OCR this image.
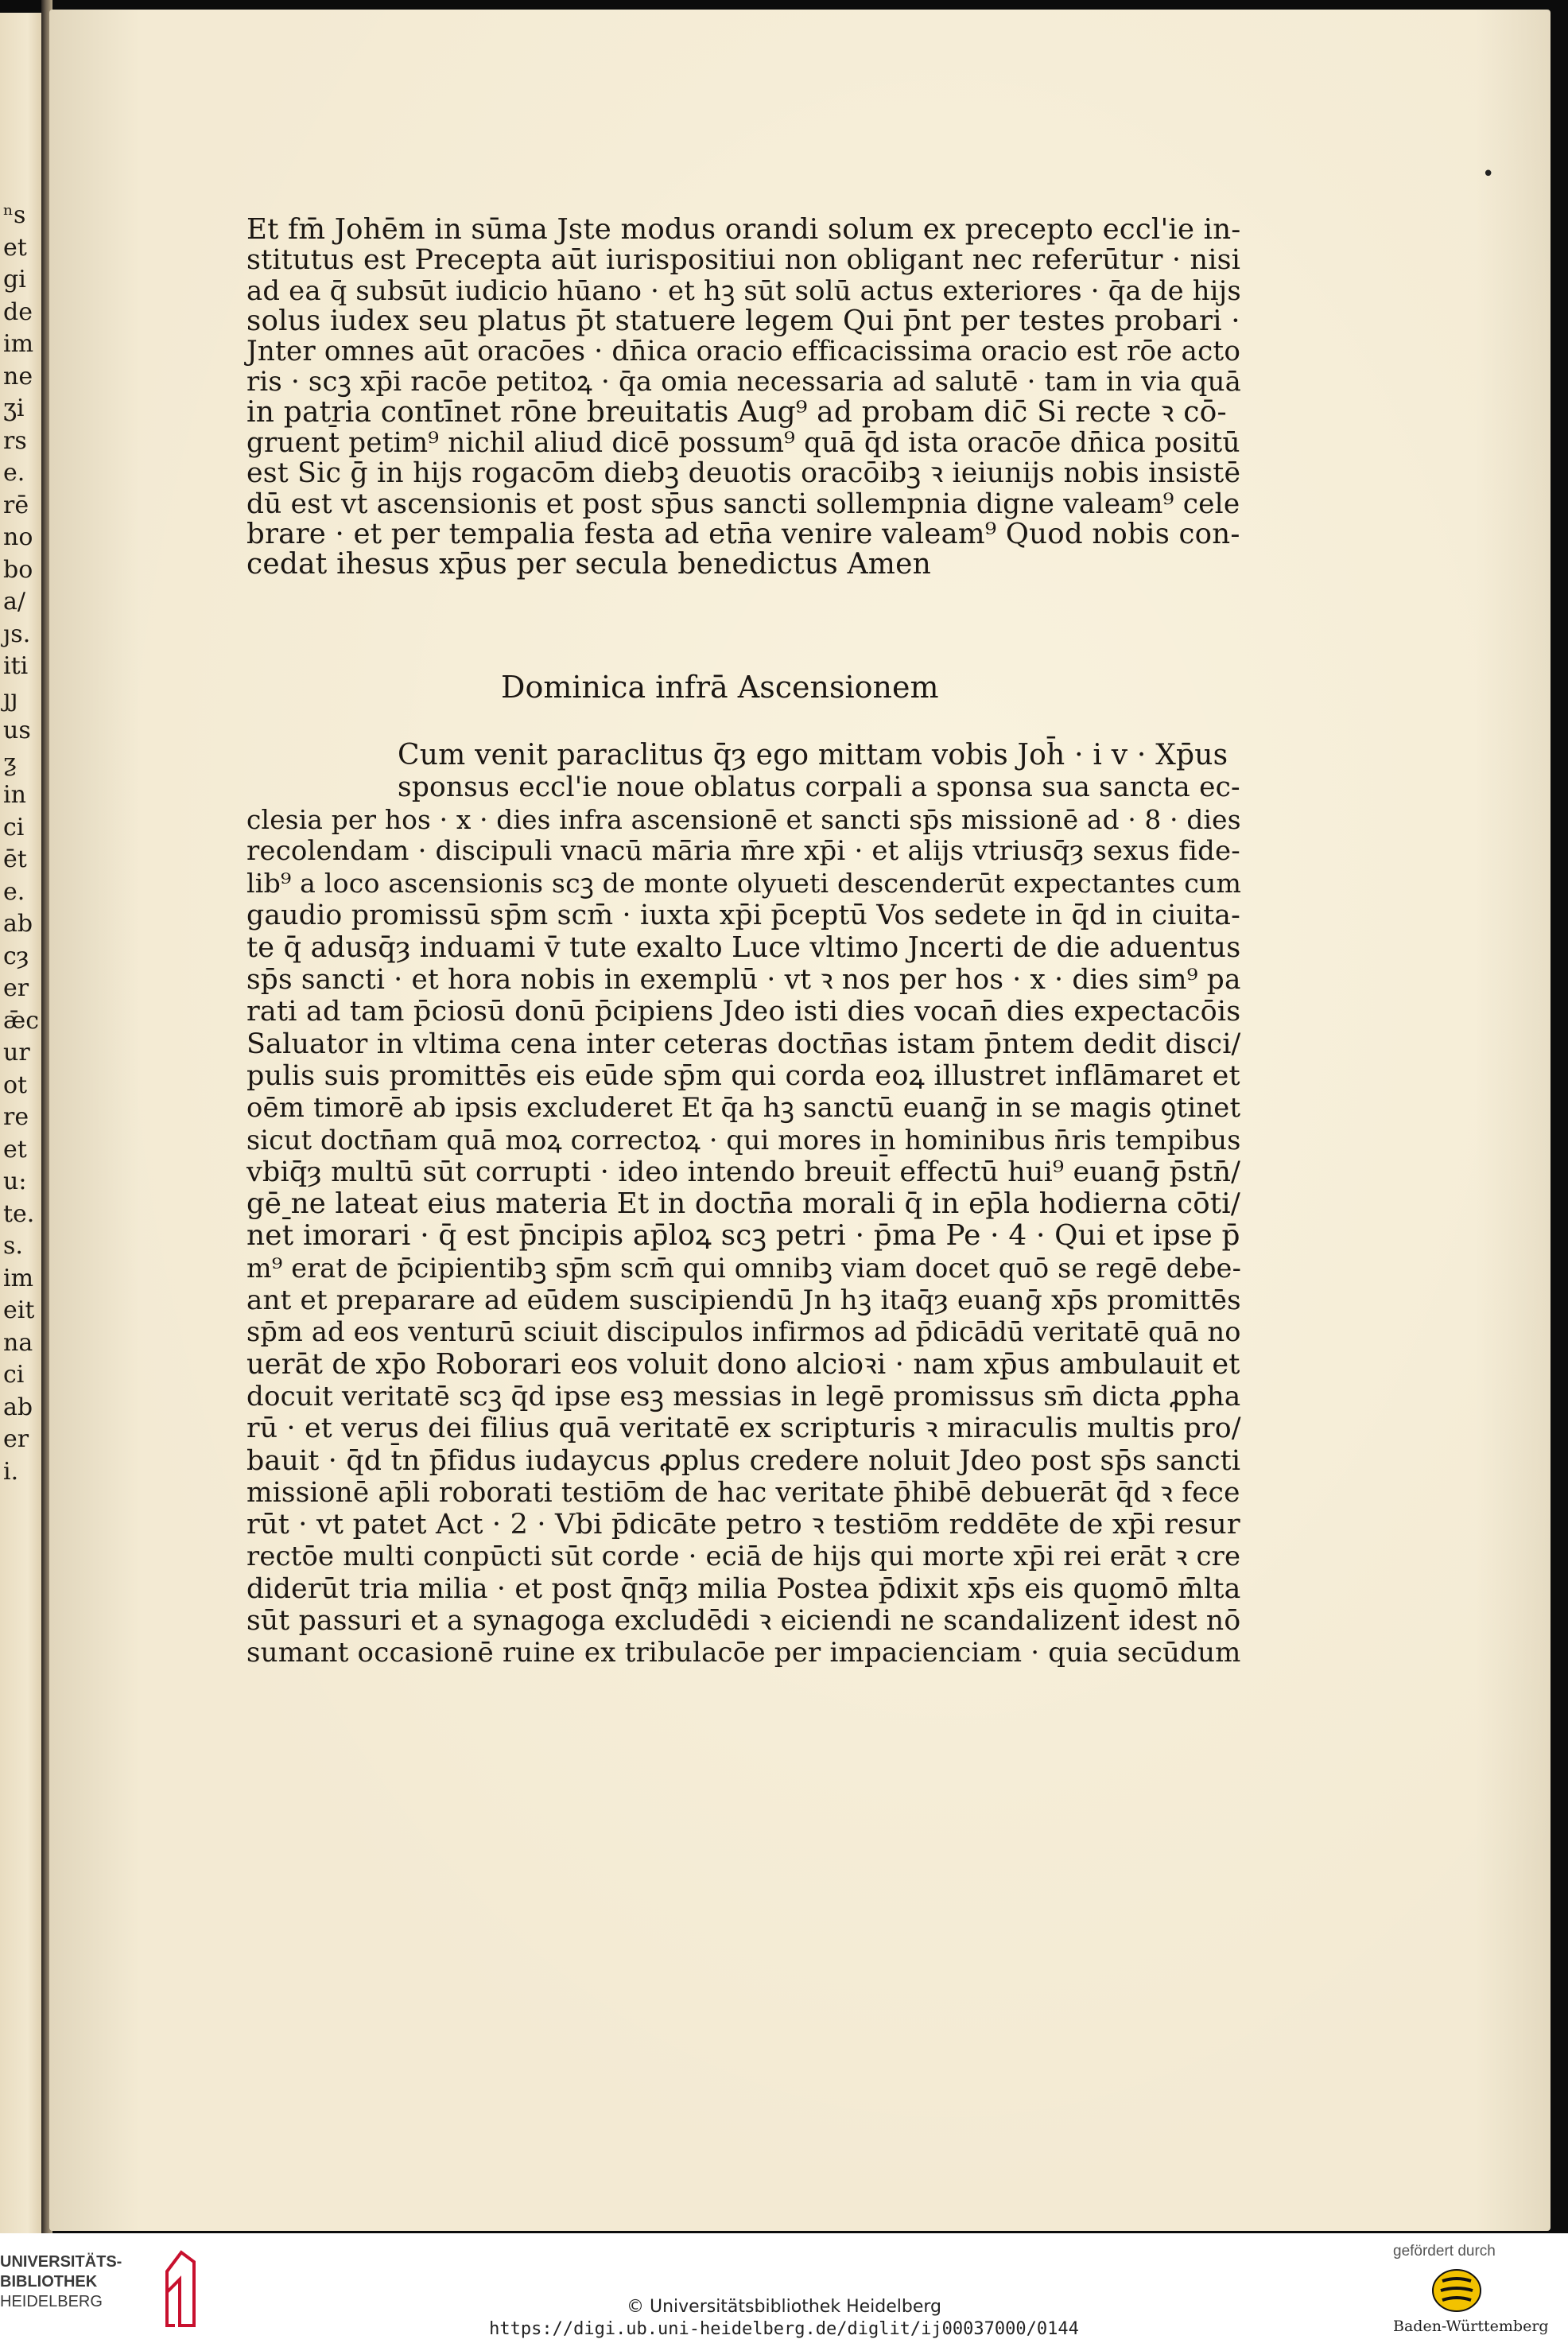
ⁿs
et
gi
de
im
ne
ʒi
rs
e.
rē
no
bo
a/
ȷs.
iti
ȷȷ
us
ƺ
in
ci
ēt
e.
ab
cȝ
er
ǣc
ur
ot
re
et
u:
te.
s.
im
eit
na
ci
ab
er
i.
•
Et fm̄ Johēm in sūma Jste modus orandi solum ex precepto eccl'ie in-
stitutus est Precepta aūt iurispositiui non obligant nec referūtur · nisi
ad ea q̄ subsūt iudicio hūano · et hꝫ sūt solū actus exteriores · q̄a de hijs
solus iudex seu platus p̄t statuere legem Qui p̄nt per testes probari ·
Jnter omnes aūt oracōes · dn̄ica oracio efficacissima oracio est rōe acto
ris · scꝫ xp̄i racōe petitoꝝ · q̄a omia necessaria ad salutē · tam in via quā
in patria contīnet rōne breuitatis Aug⁹ ad probam dic̄ Si recte ꝛ cō-
gruent̄ petim⁹ nichil aliud dicē possum⁹ quā q̄d ista oracōe dn̄ica positū
est Sic ḡ in hijs rogacōm diebꝫ deuotis oracōibꝫ ꝛ ieiunijs nobis insistē
dū est vt ascensionis et post sp̄us sancti sollempnia digne valeam⁹ cele
brare · et per tempalia festa ad etn̄a venire valeam⁹ Quod nobis con-
cedat ihesus xp̄us per secula benedictus Amen
Dominica infrā Ascensionem
Cum venit paraclitus q̄ȝ ego mittam vobis Joh̄ · i v · Xp̄us
sponsus eccl'ie noue oblatus corpali a sponsa sua sancta ec-
clesia per hos · x · dies infra ascensionē et sancti sp̄s missionē ad · 8 · dies
recolendam · discipuli vnacū mā̄ria m̄re xp̄i · et alijs vtriusq̄ȝ sexus fide-
lib⁹ a loco ascensionis scꝫ de monte olyueti descenderūt expectantes cum
gaudio promissū sp̄m scm̄ · iuxta xp̄i p̄ceptū Vos sedete in q̄d in ciuita-
te q̄ adusq̄ȝ induami v̄ tute exalto Luce vltimo Jncerti de die aduentus
sp̄s sancti · et hora nobis in exemplū · vt ꝛ nos per hos · x · dies sim⁹ pa
rati ad tam p̄ciosū donū p̄cipiens Jdeo isti dies vocan̄ dies expectacōis
Saluator in vltima cena inter ceteras doctn̄as istam p̄ntem dedit disci/
pulis suis promittēs eis eūde sp̄m qui corda eoꝝ illustret inflāmaret et
oēm timorē ab ipsis excluderet Et q̄a hꝫ sanctū euanḡ in se magis ꝯtinet
sicut doctn̄am quā moꝝ correctoꝝ · qui mores in hominibus n̄ris tempibus
vbiq̄ȝ multū sūt corrupti · ideo intendo breuit̄ effectū hui⁹ euanḡ p̄stn̄/
gē ne lateat eius materia Et in doctn̄a morali q̄ in ep̄la hodierna cōti/
net̄ imorari · q̄ est p̄ncipis ap̄loꝝ scꝫ petri · p̄ma Pe · 4 · Qui et ipse p̄
m⁹ erat de p̄cipientibꝫ sp̄m scm̄ qui omnibꝫ viam docet quō se regē debe-
ant et preparare ad eūdem suscipiendū Jn hꝫ itaq̄ȝ euanḡ xp̄s promittēs
sp̄m ad eos venturū sciuit discipulos infirmos ad p̄dicādū veritatē quā no
uerāt de xp̄o Roborari eos voluit dono alcioꝛi · nam xp̄us ambulauit et
docuit veritatē scꝫ q̄d ipse esꝫ messias in legē promissus sm̄ dicta ꝓpha
rū · et verus dei filius quā veritatē ex scripturis ꝛ miraculis multis pro/
bauit · q̄d t̄n p̄fidus iudaycus ꝓplus credere noluit Jdeo post sp̄s sancti
missionē ap̄li roborati testiōm de hac veritate p̄hibē debuerāt q̄d ꝛ fece
rūt · vt patet Act · 2 · Vbi p̄dicāte petro ꝛ testiōm reddēte de xp̄i resur
rectōe multi conpūcti sūt corde · eciā de hijs qui morte xp̄i rei erāt ꝛ cre
diderūt tria milia · et post q̄nq̄ȝ milia Postea p̄dixit xp̄s eis quomō m̄lta
sūt passuri et a synagoga excludēdi ꝛ eiciendi ne scandalizent̄ idest nō
sumant occasionē ruine ex tribulacōe per impacienciam · quia secūdum
UNIVERSITÄTS-
BIBLIOTHEK
HEIDELBERG	© Universitätsbibliothek Heidelberg
https://digi.ub.uni-heidelberg.de/diglit/ij00037000/0144
gefördert durch
Baden-Württemberg
